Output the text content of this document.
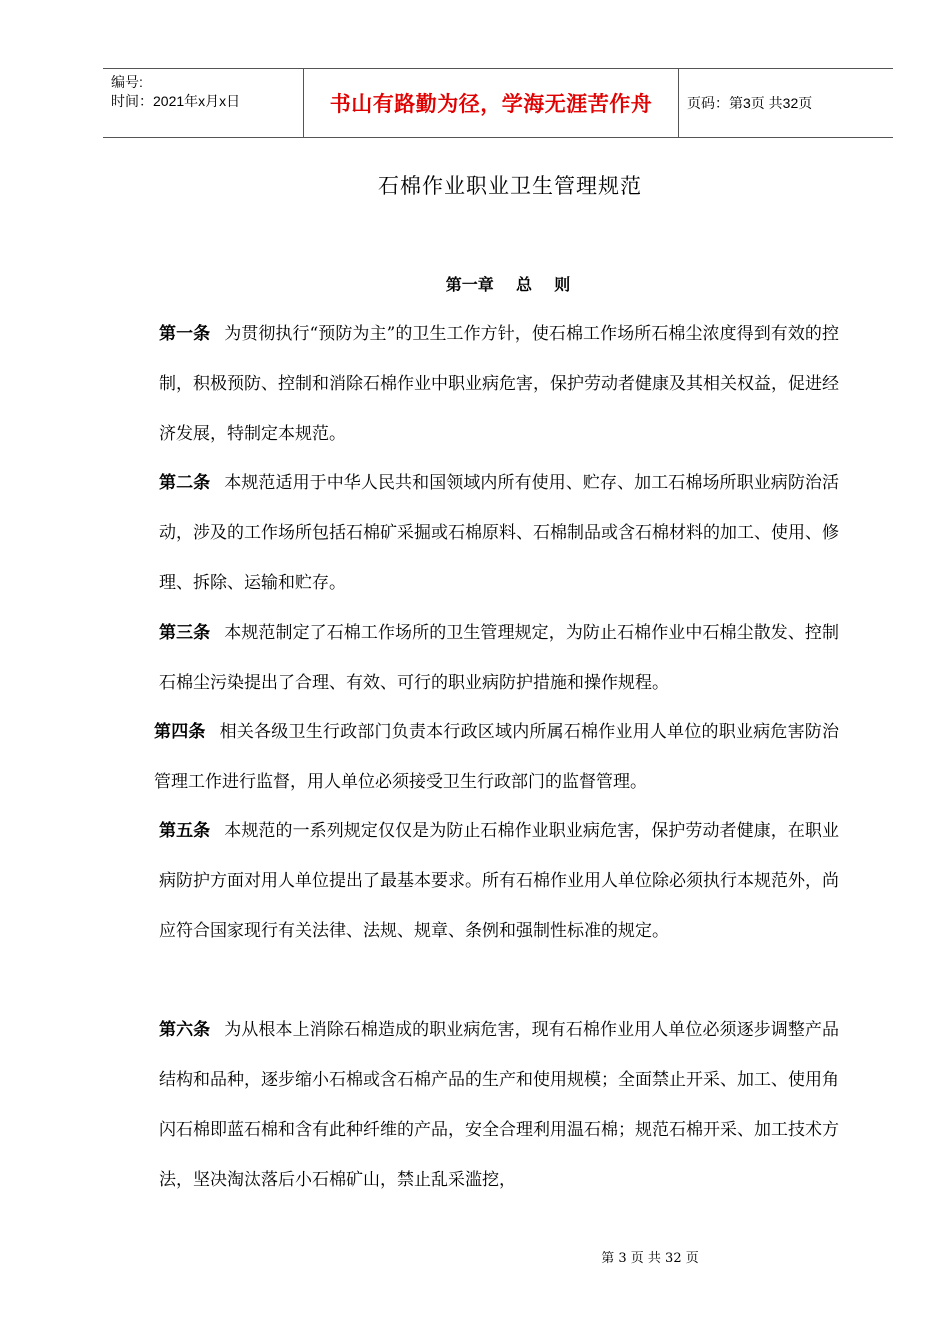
编号:
时间：2021年x月x日	书山有路勤为径，学海无涯苦作舟	页码：第3页 共32页
石棉作业职业卫生管理规范
第一章    总    则
第一条 为贯彻执行“预防为主”的卫生工作方针，使石棉工作场所石棉尘浓度得到有效的控制，积极预防、控制和消除石棉作业中职业病危害，保护劳动者健康及其相关权益，促进经济发展，特制定本规范。
第二条 本规范适用于中华人民共和国领域内所有使用、贮存、加工石棉场所职业病防治活动，涉及的工作场所包括石棉矿采掘或石棉原料、石棉制品或含石棉材料的加工、使用、修理、拆除、运输和贮存。
第三条 本规范制定了石棉工作场所的卫生管理规定，为防止石棉作业中石棉尘散发、控制石棉尘污染提出了合理、有效、可行的职业病防护措施和操作规程。
第四条 相关各级卫生行政部门负责本行政区域内所属石棉作业用人单位的职业病危害防治管理工作进行监督，用人单位必须接受卫生行政部门的监督管理。
第五条 本规范的一系列规定仅仅是为防止石棉作业职业病危害，保护劳动者健康，在职业病防护方面对用人单位提出了最基本要求。所有石棉作业用人单位除必须执行本规范外，尚应符合国家现行有关法律、法规、规章、条例和强制性标准的规定。
第六条 为从根本上消除石棉造成的职业病危害，现有石棉作业用人单位必须逐步调整产品结构和品种，逐步缩小石棉或含石棉产品的生产和使用规模；全面禁止开采、加工、使用角闪石棉即蓝石棉和含有此种纤维的产品，安全合理利用温石棉；规范石棉开采、加工技术方法，坚决淘汰落后小石棉矿山，禁止乱采滥挖，
第 3 页 共 32 页
